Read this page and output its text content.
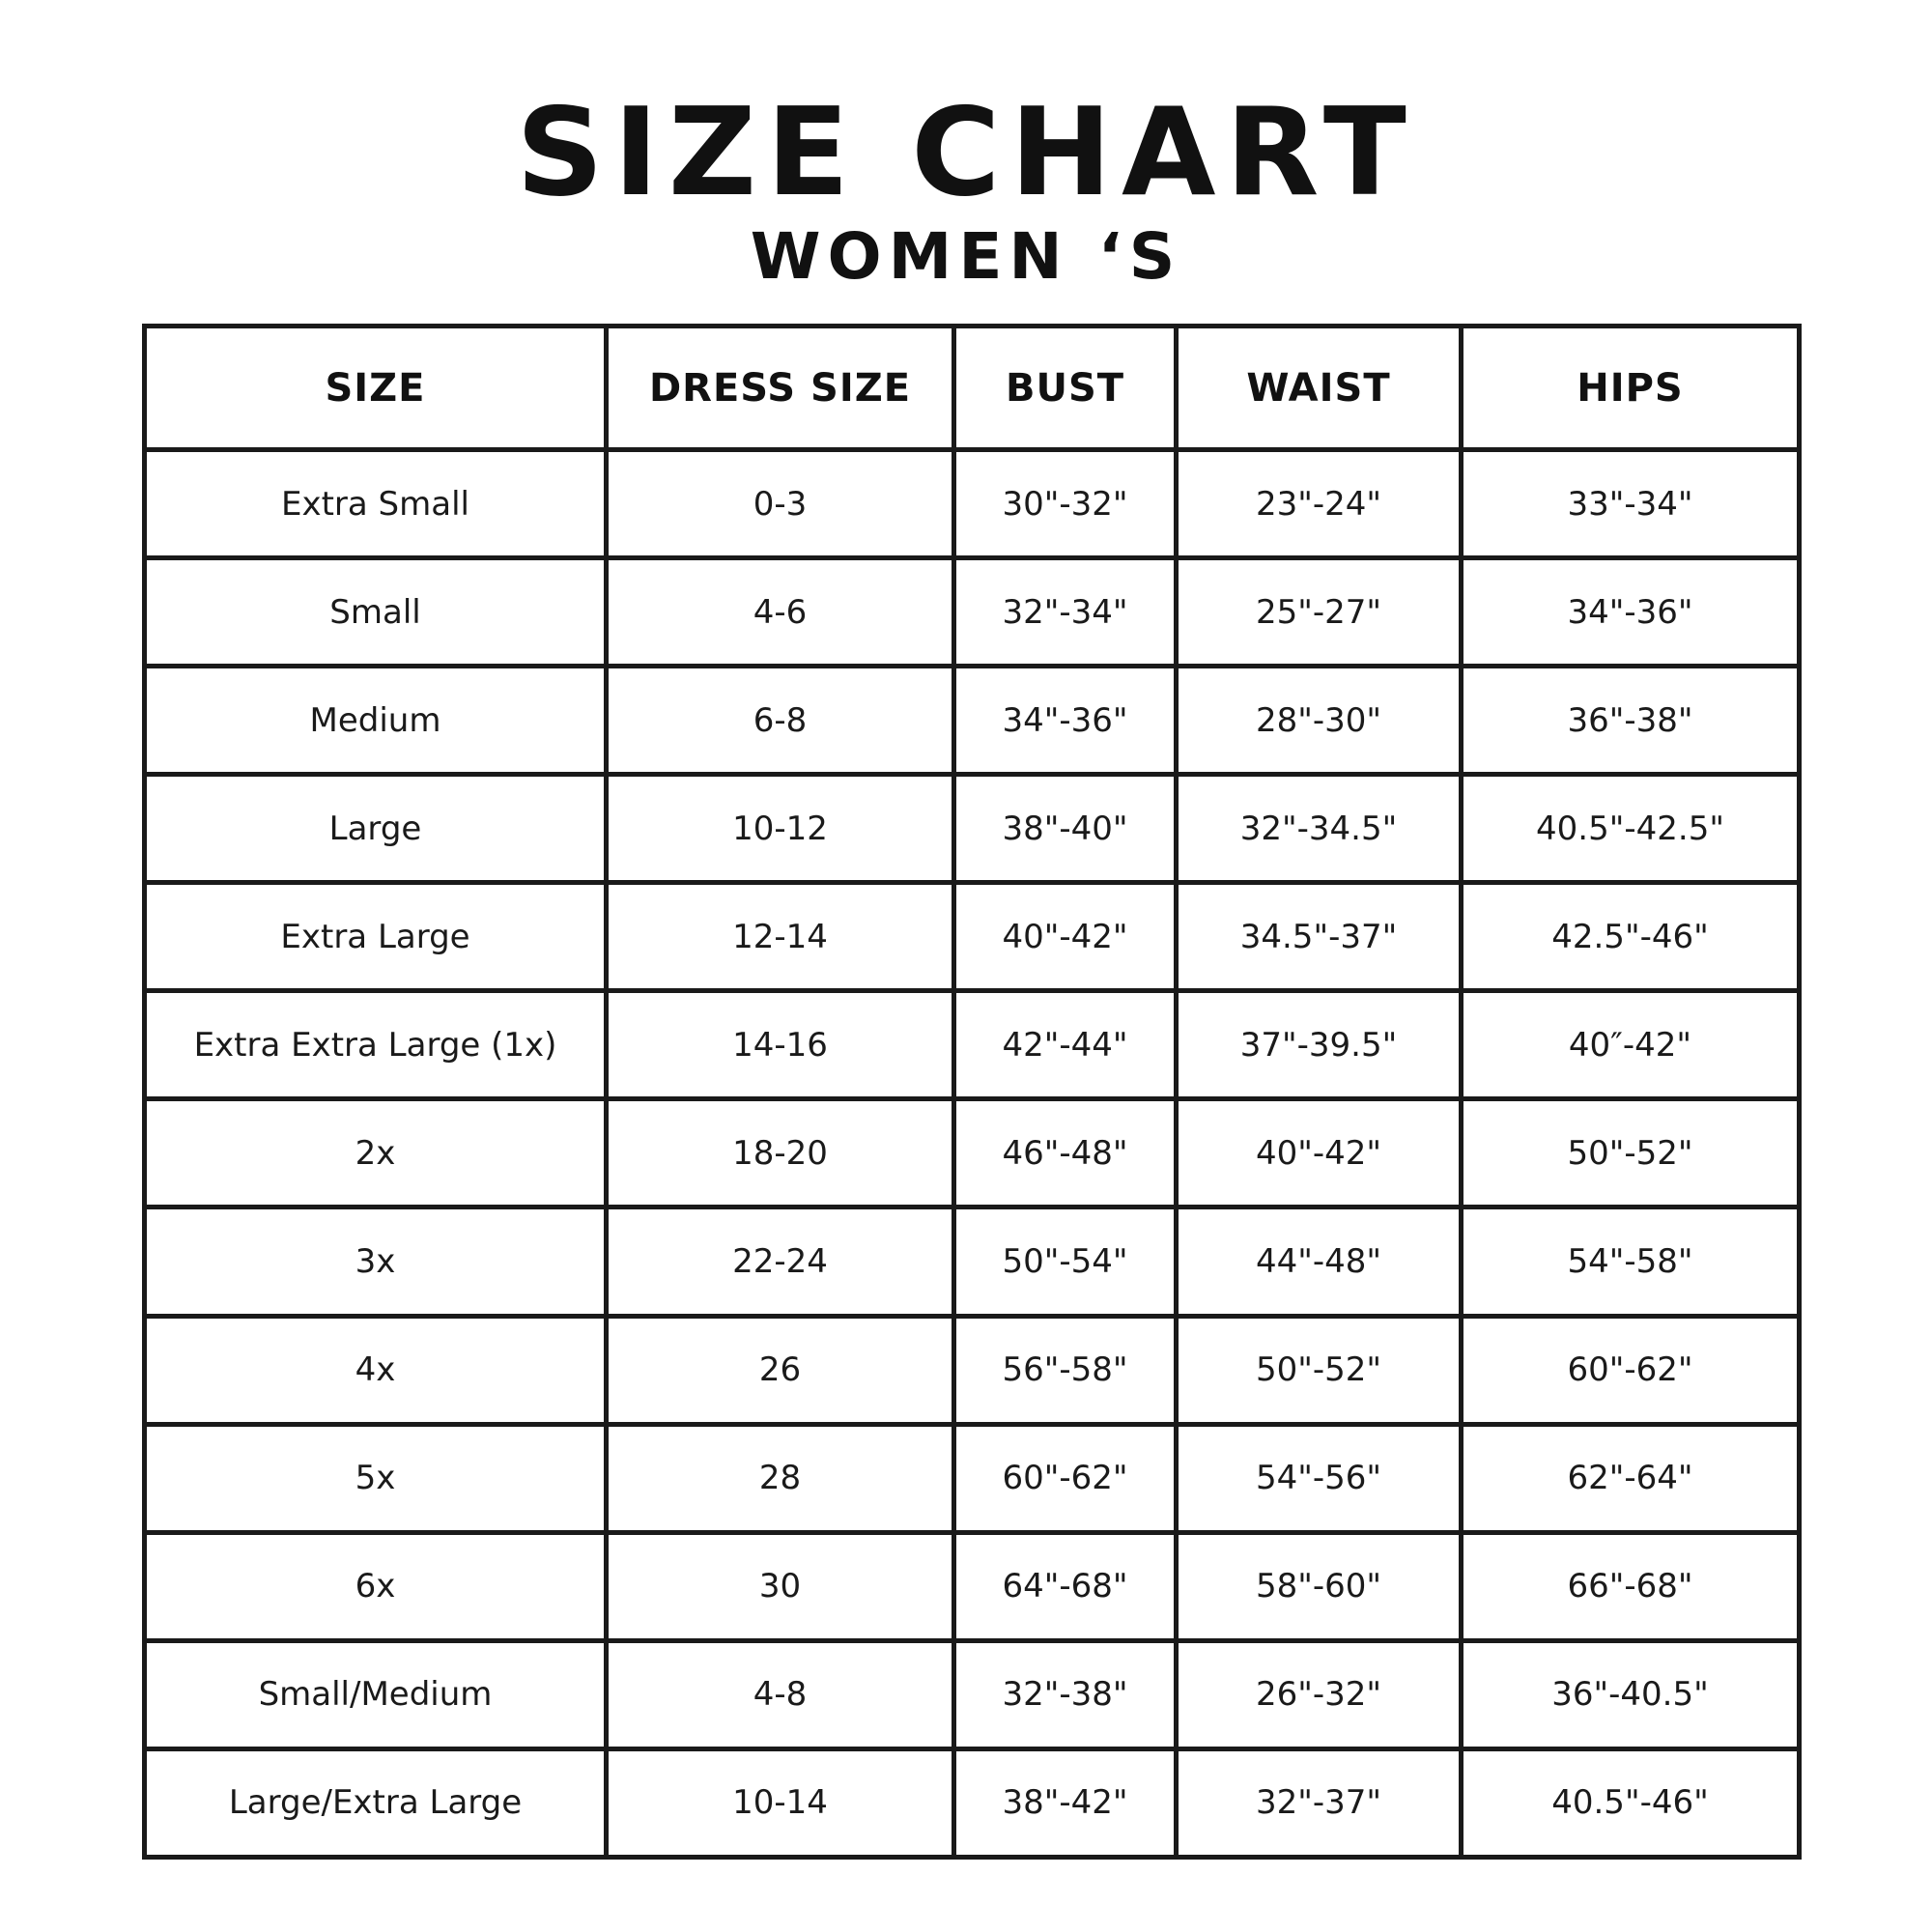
SIZE CHART
WOMEN ‘S
SIZE	DRESS SIZE	BUST	WAIST	HIPS
Extra Small	0-3	30"-32"	23"-24"	33"-34"
Small	4-6	32"-34"	25"-27"	34"-36"
Medium	6-8	34"-36"	28"-30"	36"-38"
Large	10-12	38"-40"	32"-34.5"	40.5"-42.5"
Extra Large	12-14	40"-42"	34.5"-37"	42.5"-46"
Extra Extra Large (1x)	14-16	42"-44"	37"-39.5"	40″-42"
2x	18-20	46"-48"	40"-42"	50"-52"
3x	22-24	50"-54"	44"-48"	54"-58"
4x	26	56"-58"	50"-52"	60"-62"
5x	28	60"-62"	54"-56"	62"-64"
6x	30	64"-68"	58"-60"	66"-68"
Small/Medium	4-8	32"-38"	26"-32"	36"-40.5"
Large/Extra Large	10-14	38"-42"	32"-37"	40.5"-46"
